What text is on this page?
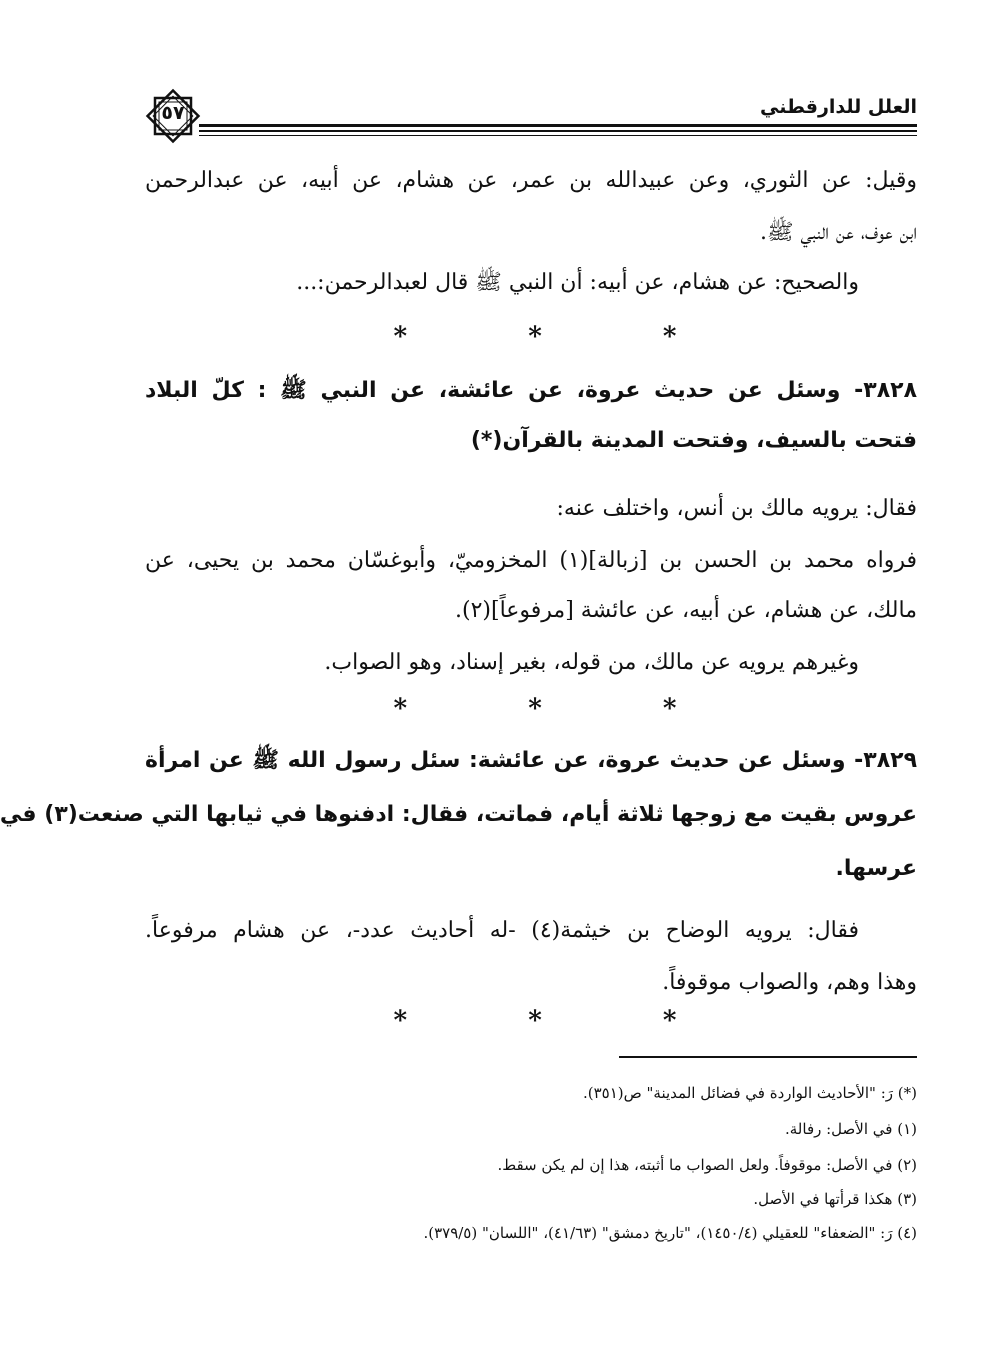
العلل للدارقطني
٥٧
وقيل: عن الثوري، وعن عبيدالله بن عمر، عن هشام، عن أبيه، عن عبدالرحمن
ابن عوف، عن النبي ﷺ.
والصحيح: عن هشام، عن أبيه: أن النبي ﷺ قال لعبدالرحمن:...
* * *
٣٨٢٨- وسئل عن حديث عروة، عن عائشة، عن النبي ﷺ : كلّ البلاد
فتحت بالسيف، وفتحت المدينة بالقرآن(*)
فقال: يرويه مالك بن أنس، واختلف عنه:
فرواه محمد بن الحسن بن [زبالة](١) المخزوميّ، وأبوغسّان محمد بن يحيى، عن
مالك، عن هشام، عن أبيه، عن عائشة [مرفوعاً](٢).
وغيرهم يرويه عن مالك، من قوله، بغير إسناد، وهو الصواب.
* * *
٣٨٢٩- وسئل عن حديث عروة، عن عائشة: سئل رسول الله ﷺ عن امرأة
عروس بقيت مع زوجها ثلاثة أيام، فماتت، فقال: ادفنوها في ثيابها التي صنعت(٣) في
عرسها.
فقال: يرويه الوضاح بن خيثمة(٤) -له أحاديث عدد-، عن هشام مرفوعاً.
وهذا وهم، والصواب موقوفاً.
* * *
(*) رَ: "الأحاديث الواردة في فضائل المدينة" ص(٣٥١).
(١) في الأصل: رفالة.
(٢) في الأصل: موقوفاً. ولعل الصواب ما أثبته، هذا إن لم يكن سقط.
(٣) هكذا قرأتها في الأصل.
(٤) رَ: "الضعفاء" للعقيلي (١٤٥٠/٤)، "تاريخ دمشق" (٤١/٦٣)، "اللسان" (٣٧٩/٥).
